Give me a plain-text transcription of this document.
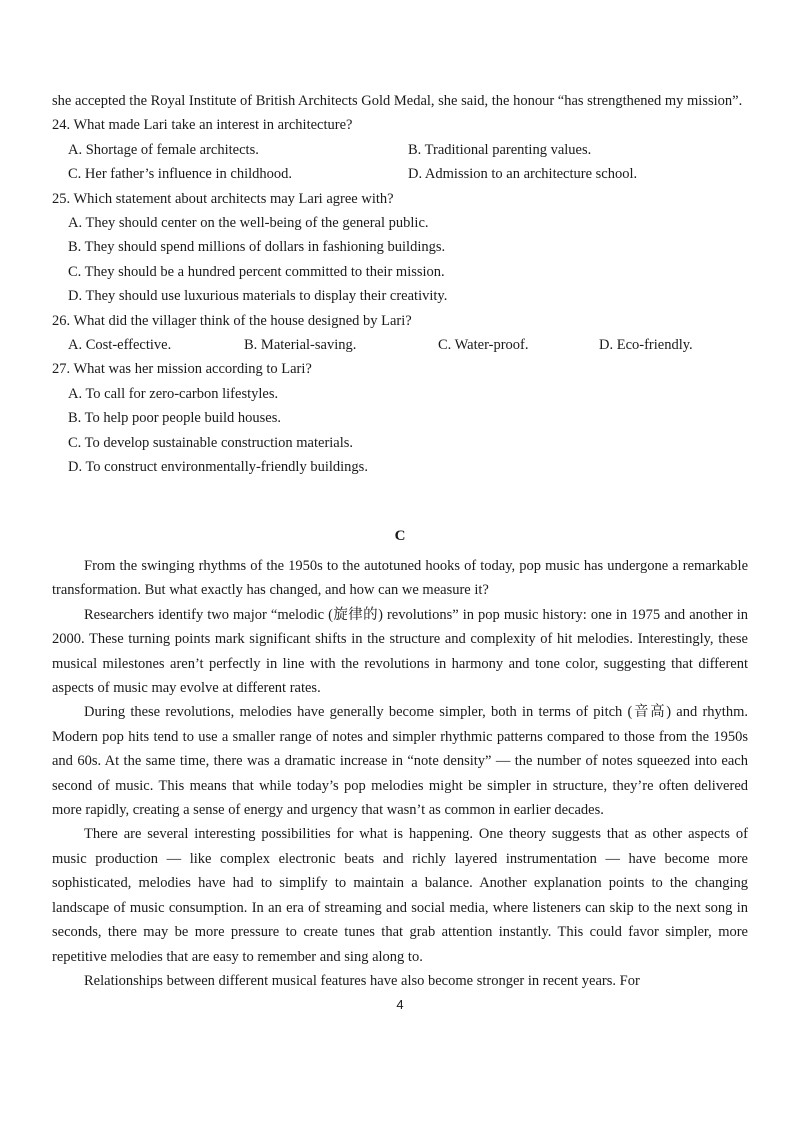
she accepted the Royal Institute of British Architects Gold Medal, she said, the honour “has strengthened my mission”.
24. What made Lari take an interest in architecture?
A. Shortage of female architects.	B. Traditional parenting values.
C. Her father’s influence in childhood.	D. Admission to an architecture school.
25. Which statement about architects may Lari agree with?
A. They should center on the well-being of the general public.
B. They should spend millions of dollars in fashioning buildings.
C. They should be a hundred percent committed to their mission.
D. They should use luxurious materials to display their creativity.
26. What did the villager think of the house designed by Lari?
A. Cost-effective.	B. Material-saving.	C. Water-proof.	D. Eco-friendly.
27. What was her mission according to Lari?
A. To call for zero-carbon lifestyles.
B. To help poor people build houses.
C. To develop sustainable construction materials.
D. To construct environmentally-friendly buildings.
C

From the swinging rhythms of the 1950s to the autotuned hooks of today, pop music has undergone a remarkable transformation. But what exactly has changed, and how can we measure it?

Researchers identify two major “melodic (旋律的) revolutions” in pop music history: one in 1975 and another in 2000. These turning points mark significant shifts in the structure and complexity of hit melodies. Interestingly, these musical milestones aren’t perfectly in line with the revolutions in harmony and tone color, suggesting that different aspects of music may evolve at different rates.

During these revolutions, melodies have generally become simpler, both in terms of pitch (音高) and rhythm. Modern pop hits tend to use a smaller range of notes and simpler rhythmic patterns compared to those from the 1950s and 60s. At the same time, there was a dramatic increase in “note density” — the number of notes squeezed into each second of music. This means that while today’s pop melodies might be simpler in structure, they’re often delivered more rapidly, creating a sense of energy and urgency that wasn’t as common in earlier decades.

There are several interesting possibilities for what is happening. One theory suggests that as other aspects of music production — like complex electronic beats and richly layered instrumentation — have become more sophisticated, melodies have had to simplify to maintain a balance. Another explanation points to the changing landscape of music consumption. In an era of streaming and social media, where listeners can skip to the next song in seconds, there may be more pressure to create tunes that grab attention instantly. This could favor simpler, more repetitive melodies that are easy to remember and sing along to.

Relationships between different musical features have also become stronger in recent years. For

4
